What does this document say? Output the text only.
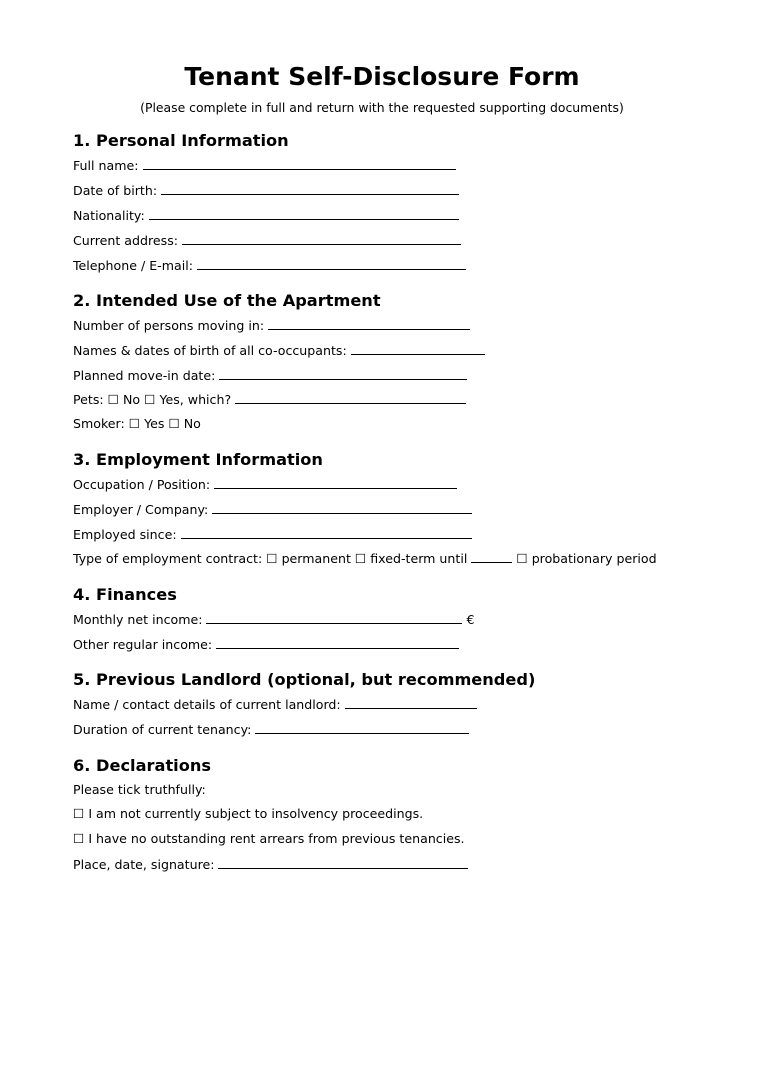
Tenant Self-Disclosure Form
(Please complete in full and return with the requested supporting documents)
1. Personal Information
Full name:
Date of birth:
Nationality:
Current address:
Telephone / E-mail:
2. Intended Use of the Apartment
Number of persons moving in:
Names & dates of birth of all co-occupants:
Planned move-in date:
Pets: ☐ No ☐ Yes, which?
Smoker: ☐ Yes ☐ No
3. Employment Information
Occupation / Position:
Employer / Company:
Employed since:
Type of employment contract: ☐ permanent ☐ fixed-term until	☐ probationary period
4. Finances
Monthly net income:	€
Other regular income:
5. Previous Landlord (optional, but recommended)
Name / contact details of current landlord:
Duration of current tenancy:
6. Declarations
Please tick truthfully:
☐ I am not currently subject to insolvency proceedings.
☐ I have no outstanding rent arrears from previous tenancies.
Place, date, signature:
